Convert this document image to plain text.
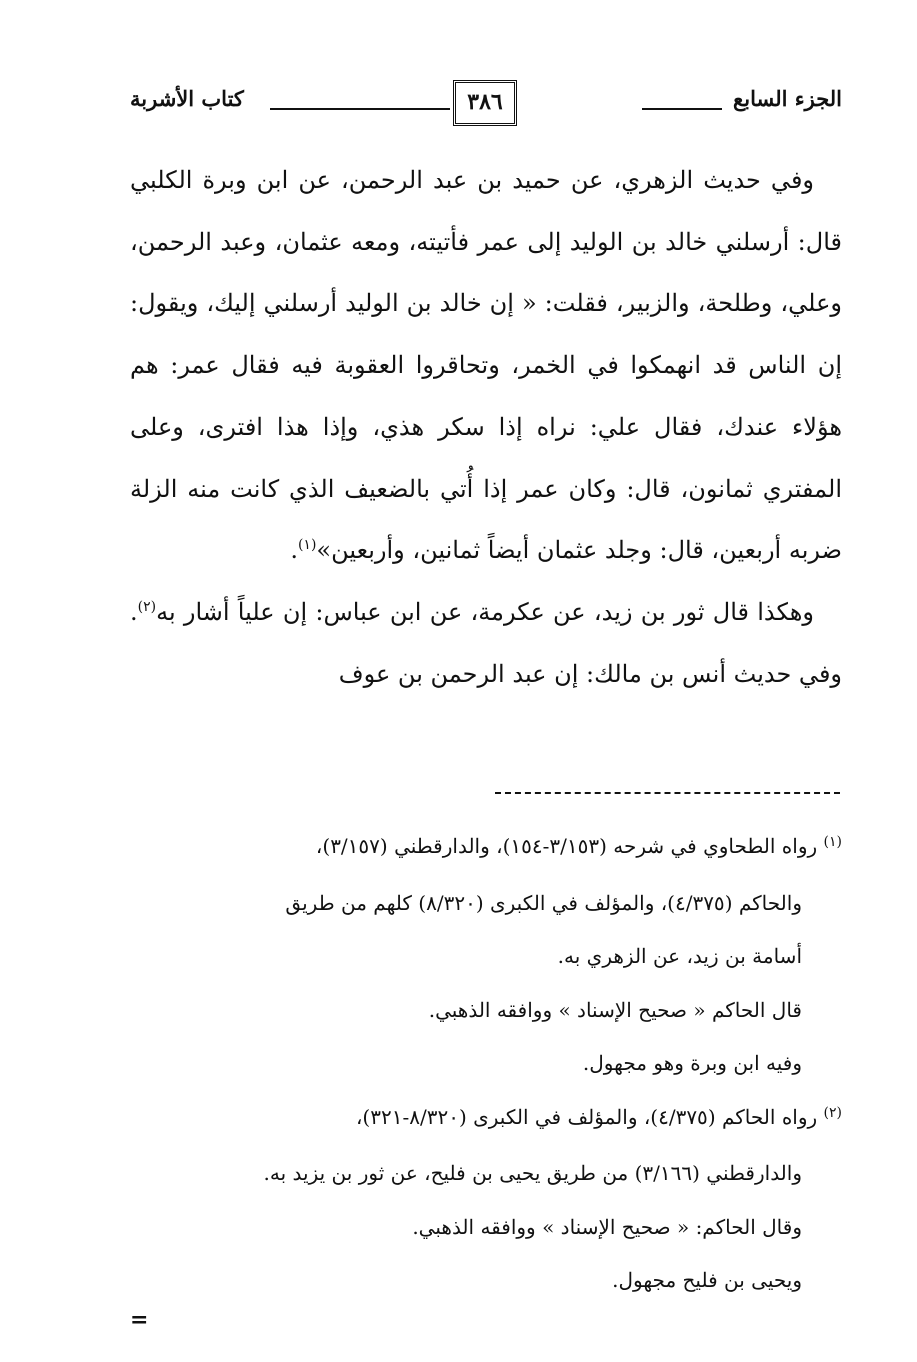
الجزء السابع
٣٨٦
كتاب الأشربة

وفي حديث الزهري، عن حميد بن عبد الرحمن، عن ابن وبرة الكلبي قال: أرسلني خالد بن الوليد إلى عمر فأتيته، ومعه عثمان، وعبد الرحمن، وعلي، وطلحة، والزبير، فقلت: « إن خالد بن الوليد أرسلني إليك، ويقول: إن الناس قد انهمكوا في الخمر، وتحاقروا العقوبة فيه فقال عمر: هم هؤلاء عندك، فقال علي: نراه إذا سكر هذي، وإذا هذا افترى، وعلى المفتري ثمانون، قال: وكان عمر إذا أُتي بالضعيف الذي كانت منه الزلة ضربه أربعين، قال: وجلد عثمان أيضاً ثمانين، وأربعين»$^{(١)}$.

وهكذا قال ثور بن زيد، عن عكرمة، عن ابن عباس: إن علياً أشار به$^{(٢)}$. وفي حديث أنس بن مالك: إن عبد الرحمن بن عوف

$^{(١)}$ رواه الطحاوي في شرحه (٣/١٥٣-١٥٤)، والدارقطني (٣/١٥٧)،
والحاكم (٤/٣٧٥)، والمؤلف في الكبرى (٨/٣٢٠) كلهم من طريق
أسامة بن زيد، عن الزهري به.
قال الحاكم « صحيح الإسناد » ووافقه الذهبي.
وفيه ابن وبرة وهو مجهول.
$^{(٢)}$ رواه الحاكم (٤/٣٧٥)، والمؤلف في الكبرى (٨/٣٢٠-٣٢١)،
والدارقطني (٣/١٦٦) من طريق يحيى بن فليح، عن ثور بن يزيد به.
وقال الحاكم: « صحيح الإسناد » ووافقه الذهبي.
ويحيى بن فليح مجهول.
=
